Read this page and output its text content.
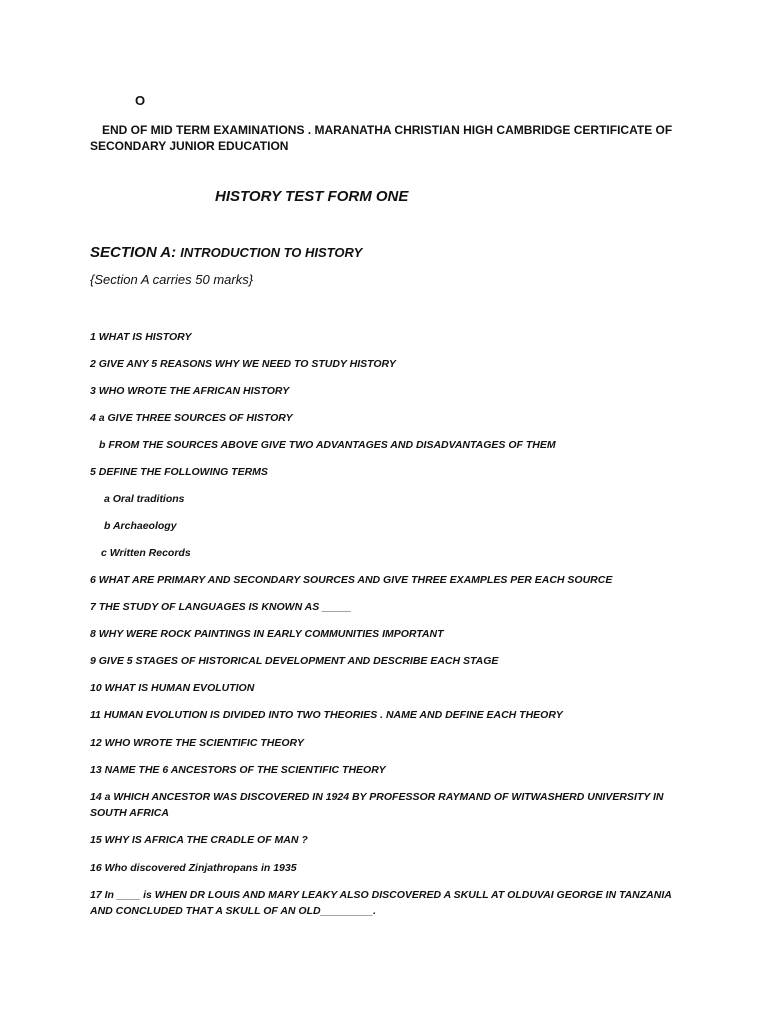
O
END OF MID TERM EXAMINATIONS . MARANATHA CHRISTIAN HIGH CAMBRIDGE CERTIFICATE OF
SECONDARY JUNIOR EDUCATION
HISTORY TEST FORM ONE
SECTION A: INTRODUCTION TO HISTORY
{Section A carries 50 marks}
1 WHAT IS HISTORY
2 GIVE ANY 5 REASONS WHY WE NEED TO STUDY HISTORY
3 WHO WROTE THE AFRICAN HISTORY
4 a GIVE THREE SOURCES OF HISTORY
b FROM THE SOURCES ABOVE GIVE TWO ADVANTAGES AND DISADVANTAGES OF THEM
5 DEFINE THE FOLLOWING TERMS
a Oral traditions
b Archaeology
c Written Records
6 WHAT ARE PRIMARY AND SECONDARY SOURCES AND GIVE THREE EXAMPLES PER EACH SOURCE
7 THE STUDY OF LANGUAGES IS KNOWN AS _____
8 WHY WERE ROCK PAINTINGS IN EARLY COMMUNITIES IMPORTANT
9 GIVE 5 STAGES OF HISTORICAL DEVELOPMENT AND DESCRIBE EACH STAGE
10 WHAT IS HUMAN EVOLUTION
11 HUMAN EVOLUTION IS DIVIDED INTO TWO THEORIES . NAME AND DEFINE EACH THEORY
12 WHO WROTE THE SCIENTIFIC THEORY
13 NAME THE 6 ANCESTORS OF THE SCIENTIFIC THEORY
14 a WHICH ANCESTOR WAS DISCOVERED IN 1924 BY PROFESSOR RAYMAND OF WITWASHERD UNIVERSITY IN SOUTH AFRICA
15 WHY IS AFRICA THE CRADLE OF MAN ?
16 Who discovered Zinjathropans in 1935
17 In ____ is WHEN DR LOUIS AND MARY LEAKY ALSO DISCOVERED A SKULL AT OLDUVAI GEORGE IN TANZANIA AND CONCLUDED THAT A SKULL OF AN OLD_________.
